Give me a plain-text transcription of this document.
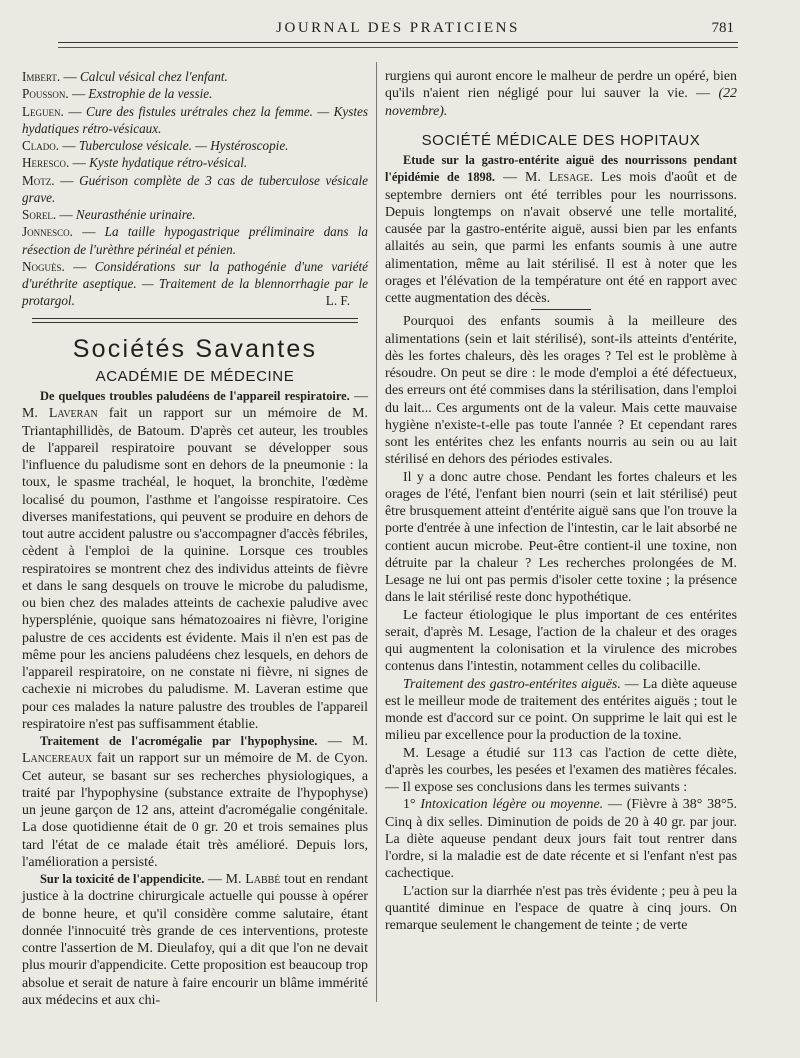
JOURNAL DES PRATICIENS	781

Imbert. — Calcul vésical chez l'enfant.

Pousson. — Exstrophie de la vessie.

Leguen. — Cure des fistules urétrales chez la femme. — Kystes hydatiques rétro-vésicaux.

Clado. — Tuberculose vésicale. — Hystéroscopie.

Heresco. — Kyste hydatique rétro-vésical.

Motz. — Guérison complète de 3 cas de tuberculose vésicale grave.

Sorel. — Neurasthénie urinaire.

Jonnesco. — La taille hypogastrique préliminaire dans la résection de l'urèthre périnéal et pénien.

Noguès. — Considérations sur la pathogénie d'une variété d'uréthrite aseptique. — Traitement de la blennorrhagie par le protargol.	L. F.

Sociétés Savantes
ACADÉMIE DE MÉDECINE

De quelques troubles paludéens de l'appareil respiratoire. — M. Laveran fait un rapport sur un mémoire de M. Triantaphillidès, de Batoum. D'après cet auteur, les troubles de l'appareil respiratoire pouvant se développer sous l'influence du paludisme sont en dehors de la pneumonie : la toux, le spasme trachéal, le hoquet, la bronchite, l'œdème localisé du poumon, l'asthme et l'angoisse respiratoire. Ces diverses manifestations, qui peuvent se produire en dehors de tout autre accident palustre ou s'accompagner d'accès fébriles, cèdent à l'emploi de la quinine. Lorsque ces troubles respiratoires se montrent chez des individus atteints de fièvre et dans le sang desquels on trouve le microbe du paludisme, ou bien chez des malades atteints de cachexie paludive avec hypersplénie, quoique sans hématozoaires ni fièvre, l'origine palustre de ces accidents est évidente. Mais il n'en est pas de même pour les anciens paludéens chez lesquels, en dehors de l'appareil respiratoire, on ne constate ni fièvre, ni signes de cachexie ni microbes du paludisme. M. Laveran estime que pour ces malades la nature palustre des troubles de l'appareil respiratoire n'est pas suffisamment établie.

Traitement de l'acromégalie par l'hypophysine. — M. Lancereaux fait un rapport sur un mémoire de M. de Cyon. Cet auteur, se basant sur ses recherches physiologiques, a traité par l'hypophysine (substance extraite de l'hypophyse) un jeune garçon de 12 ans, atteint d'acromégalie congénitale. La dose quotidienne était de 0 gr. 20 et trois semaines plus tard l'état de ce malade était très amélioré. Depuis lors, l'amélioration a persisté.

Sur la toxicité de l'appendicite. — M. Labbé tout en rendant justice à la doctrine chirurgicale actuelle qui pousse à opérer de bonne heure, et qu'il considère comme salutaire, étant donnée l'innocuité très grande de ces interventions, proteste contre l'assertion de M. Dieulafoy, qui a dit que l'on ne devait plus mourir d'appendicite. Cette proposition est beaucoup trop absolue et serait de nature à faire encourir un blâme immérité aux médecins et aux chi-

rurgiens qui auront encore le malheur de perdre un opéré, bien qu'ils n'aient rien négligé pour lui sauver la vie. — (22 novembre).

SOCIÉTÉ MÉDICALE DES HOPITAUX

Etude sur la gastro-entérite aiguë des nourrissons pendant l'épidémie de 1898. — M. Lesage. Les mois d'août et de septembre derniers ont été terribles pour les nourrissons. Depuis longtemps on n'avait observé une telle mortalité, causée par la gastro-entérite aiguë, aussi bien par les enfants allaités au sein, que parmi les enfants soumis à une autre alimentation, même au lait stérilisé. Il est à noter que les orages et l'élévation de la température ont été en rapport avec cette augmentation des décès.

Pourquoi des enfants soumis à la meilleure des alimentations (sein et lait stérilisé), sont-ils atteints d'entérite, dès les fortes chaleurs, dès les orages ? Tel est le problème à résoudre. On peut se dire : le mode d'emploi a été défectueux, des erreurs ont été commises dans la stérilisation, dans l'emploi du lait... Ces arguments ont de la valeur. Mais cette mauvaise hygiène n'existe-t-elle pas toute l'année ? Et cependant rares sont les entérites chez les enfants nourris au sein ou au lait stérilisé en dehors des périodes estivales.

Il y a donc autre chose. Pendant les fortes chaleurs et les orages de l'été, l'enfant bien nourri (sein et lait stérilisé) peut être brusquement atteint d'entérite aiguë sans que l'on trouve la porte d'entrée à une infection de l'intestin, car le lait absorbé ne contient aucun microbe. Peut-être contient-il une toxine, non détruite par la chaleur ? Les recherches prolongées de M. Lesage ne lui ont pas permis d'isoler cette toxine ; la présence dans le lait stérilisé reste donc hypothétique.

Le facteur étiologique le plus important de ces entérites serait, d'après M. Lesage, l'action de la chaleur et des orages qui augmentent la colonisation et la virulence des microbes contenus dans l'intestin, notamment celles du colibacille.

Traitement des gastro-entérites aiguës. — La diète aqueuse est le meilleur mode de traitement des entérites aiguës ; tout le monde est d'accord sur ce point. On supprime le lait qui est le milieu par excellence pour la production de la toxine.

M. Lesage a étudié sur 113 cas l'action de cette diète, d'après les courbes, les pesées et l'examen des matières fécales. — Il expose ses conclusions dans les termes suivants :

1° Intoxication légère ou moyenne. — (Fièvre à 38° 38°5. Cinq à dix selles. Diminution de poids de 20 à 40 gr. par jour. La diète aqueuse pendant deux jours fait tout rentrer dans l'ordre, si la maladie est de date récente et si l'enfant n'est pas cachectique.

L'action sur la diarrhée n'est pas très évidente ; peu à peu la quantité diminue en l'espace de quatre à cinq jours. On remarque seulement le changement de teinte ; de verte
